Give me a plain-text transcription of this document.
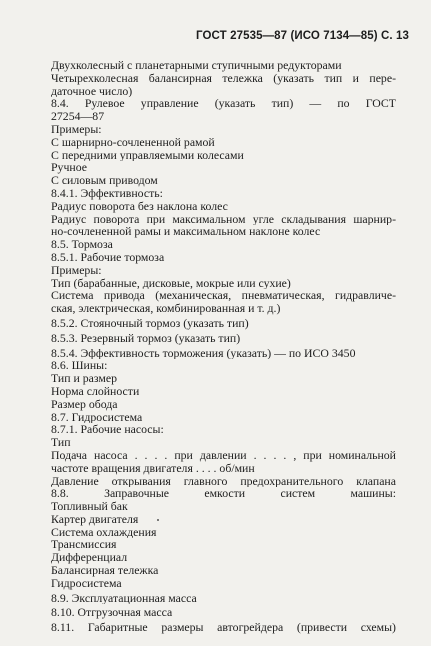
ГОСТ 27535—87 (ИСО 7134—85) С. 13
Двухколесный с планетарными ступичными редукторами
Четырехколесная балансирная тележка (указать тип и пере-
даточное число)
8.4. Рулевое управление (указать тип) — по ГОСТ
27254—87
Примеры:
С шарнирно-сочлененной рамой
С передними управляемыми колесами
Ручное
С силовым приводом
8.4.1. Эффективность:
Радиус поворота без наклона колес
Радиус поворота при максимальном угле складывания шарнир-
но-сочлененной рамы и максимальном наклоне колес
8.5. Тормоза
8.5.1. Рабочие тормоза
Примеры:
Тип (барабанные, дисковые, мокрые или сухие)
Система привода (механическая, пневматическая, гидравличе-
ская, электрическая, комбинированная и т. д.)
8.5.2. Стояночный тормоз (указать тип)
8.5.3. Резервный тормоз (указать тип)
8.5.4. Эффективность торможения (указать) — по ИСО 3450
8.6. Шины:
Тип и размер
Норма слойности
Размер обода
8.7. Гидросистема
8.7.1. Рабочие насосы:
Тип
Подача насоса . . . . при давлении . . . . , при номинальной
частоте вращения двигателя . . . . об/мин
Давление открывания главного предохранительного клапана
8.8. Заправочные емкости систем машины:
Топливный бак
Картер двигателя
Система охлаждения
Трансмиссия
Дифференциал
Балансирная тележка
Гидросистема
8.9. Эксплуатационная масса
8.10. Отгрузочная масса
8.11. Габаритные размеры автогрейдера (привести схемы)
